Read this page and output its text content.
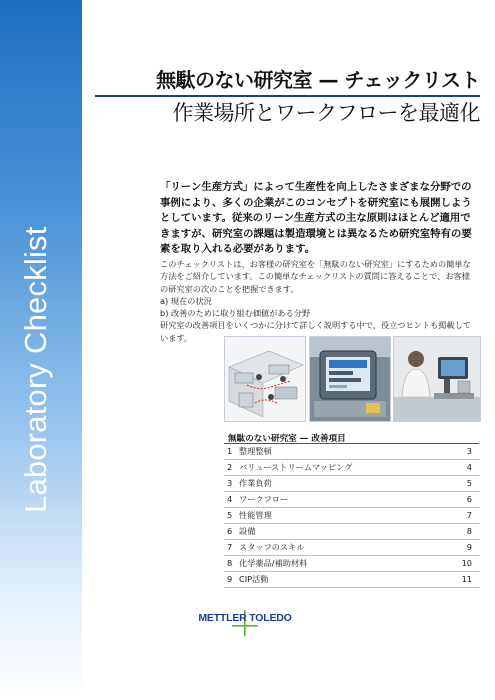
Laboratory Checklist
無駄のない研究室 — チェックリスト
作業場所とワークフローを最適化
「リーン生産方式」によって生産性を向上したさまざまな分野での事例により、多くの企業がこのコンセプトを研究室にも展開しようとしています。従来のリーン生産方式の主な原則はほとんど適用できますが、研究室の課題は製造環境とは異なるため研究室特有の要素を取り入れる必要があります。

このチェックリストは、お客様の研究室を「無駄のない研究室」にするための簡単な方法をご紹介しています。この簡単なチェックリストの質問に答えることで、お客様の研究室の次のことを把握できます。

a) 現在の状況

b) 改善のために取り組む価値がある分野

研究室の改善項目をいくつかに分けて詳しく説明する中で、役立つヒントも掲載しています。

無駄のない研究室 — 改善項目
1 整理整頓	3
2 バリューストリームマッピング	4
3 作業負荷	5
4 ワークフロー	6
5 性能管理	7
6 設備	8
7 スタッフのスキル	9
8 化学薬品/補助材料	10
9 CIP活動	11
METTLER TOLEDO
